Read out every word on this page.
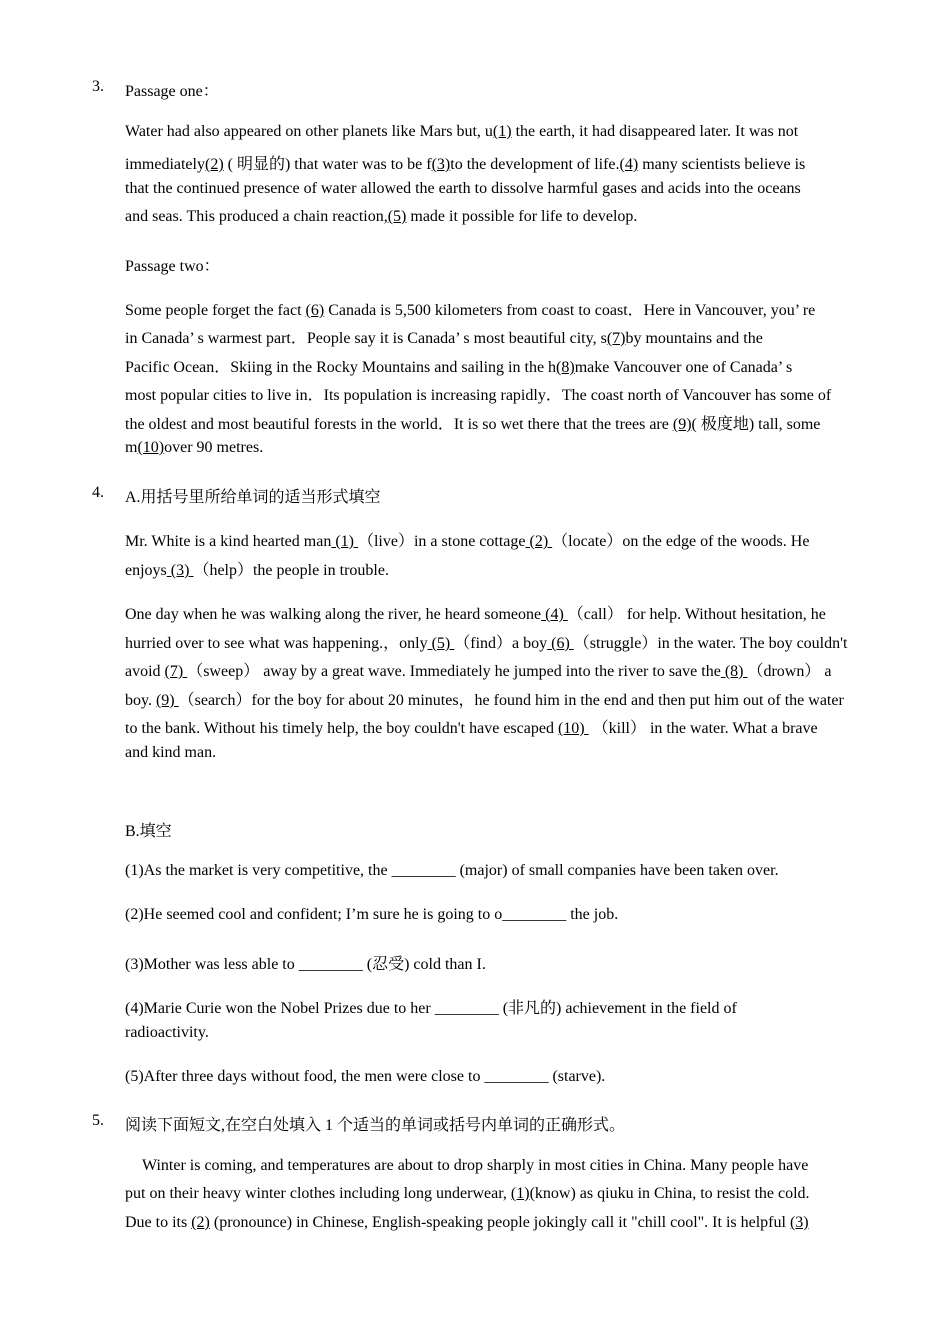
3. Passage one：
Water had also appeared on other planets like Mars but, u(1) the earth, it had disappeared later. It was not
immediately(2) ( 明显的) that water was to be f(3)to the development of life.(4) many scientists believe is
that the continued presence of water allowed the earth to dissolve harmful gases and acids into the oceans
and seas. This produced a chain reaction,(5) made it possible for life to develop.
Passage two：
Some people forget the fact (6) Canada is 5,500 kilometers from coast to coast．Here in Vancouver, you’ re
in Canada’ s warmest part．People say it is Canada’ s most beautiful city, s(7)by mountains and the
Pacific Ocean．Skiing in the Rocky Mountains and sailing in the h(8)make Vancouver one of Canada’ s
most popular cities to live in．Its population is increasing rapidly．The coast north of Vancouver has some of
the oldest and most beautiful forests in the world．It is so wet there that the trees are (9)( 极度地) tall, some
m(10)over 90 metres.
4. A.用括号里所给单词的适当形式填空
Mr. White is a kind hearted man (1) （live）in a stone cottage (2) （locate）on the edge of the woods. He
enjoys (3) （help）the people in trouble.
One day when he was walking along the river, he heard someone (4) （call） for help. Without hesitation, he
hurried over to see what was happening.，only (5) （find）a boy (6) （struggle）in the water. The boy couldn't
avoid (7) （sweep） away by a great wave. Immediately he jumped into the river to save the (8) （drown） a
boy. (9) （search）for the boy for about 20 minutes，he found him in the end and then put him out of the water
to the bank. Without his timely help, the boy couldn't have escaped (10)  （kill） in the water. What a brave
and kind man.
B.填空
(1)As the market is very competitive, the ________ (major) of small companies have been taken over.
(2)He seemed cool and confident; I’m sure he is going to o________ the job.
(3)Mother was less able to ________ (忍受) cold than I.
(4)Marie Curie won the Nobel Prizes due to her ________ (非凡的) achievement in the field of
radioactivity.
(5)After three days without food, the men were close to ________ (starve).
5. 阅读下面短文,在空白处填入 1 个适当的单词或括号内单词的正确形式。
Winter is coming, and temperatures are about to drop sharply in most cities in China. Many people have
put on their heavy winter clothes including long underwear, (1)(know) as qiuku in China, to resist the cold.
Due to its (2) (pronounce) in Chinese, English-speaking people jokingly call it "chill cool". It is helpful (3)
